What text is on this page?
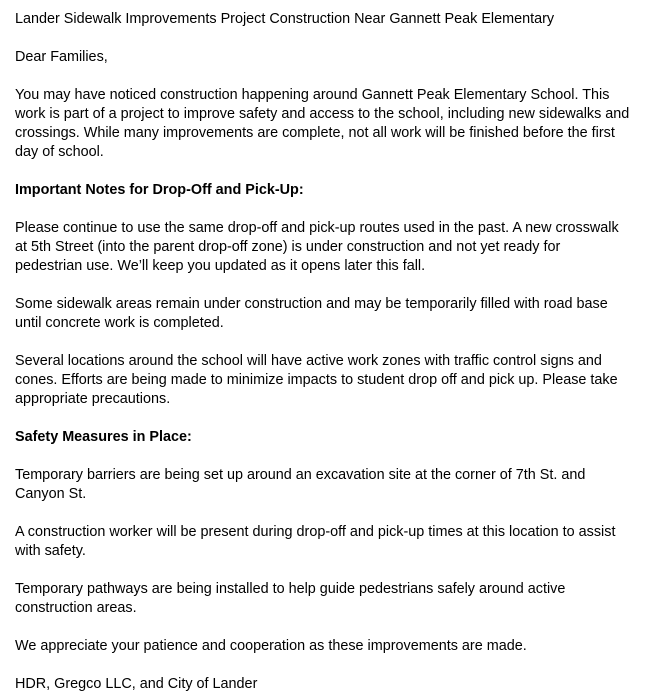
Lander Sidewalk Improvements Project Construction Near Gannett Peak Elementary

Dear Families,

You may have noticed construction happening around Gannett Peak Elementary School. This work is part of a project to improve safety and access to the school, including new sidewalks and crossings. While many improvements are complete, not all work will be finished before the first day of school.

Important Notes for Drop-Off and Pick-Up:

Please continue to use the same drop-off and pick-up routes used in the past. A new crosswalk at 5th Street (into the parent drop-off zone) is under construction and not yet ready for pedestrian use. We’ll keep you updated as it opens later this fall.

Some sidewalk areas remain under construction and may be temporarily filled with road base until concrete work is completed.

Several locations around the school will have active work zones with traffic control signs and cones. Efforts are being made to minimize impacts to student drop off and pick up. Please take appropriate precautions.

Safety Measures in Place:

Temporary barriers are being set up around an excavation site at the corner of 7th St. and Canyon St.

A construction worker will be present during drop-off and pick-up times at this location to assist with safety.

Temporary pathways are being installed to help guide pedestrians safely around active construction areas.

We appreciate your patience and cooperation as these improvements are made.

HDR, Gregco LLC, and City of Lander
